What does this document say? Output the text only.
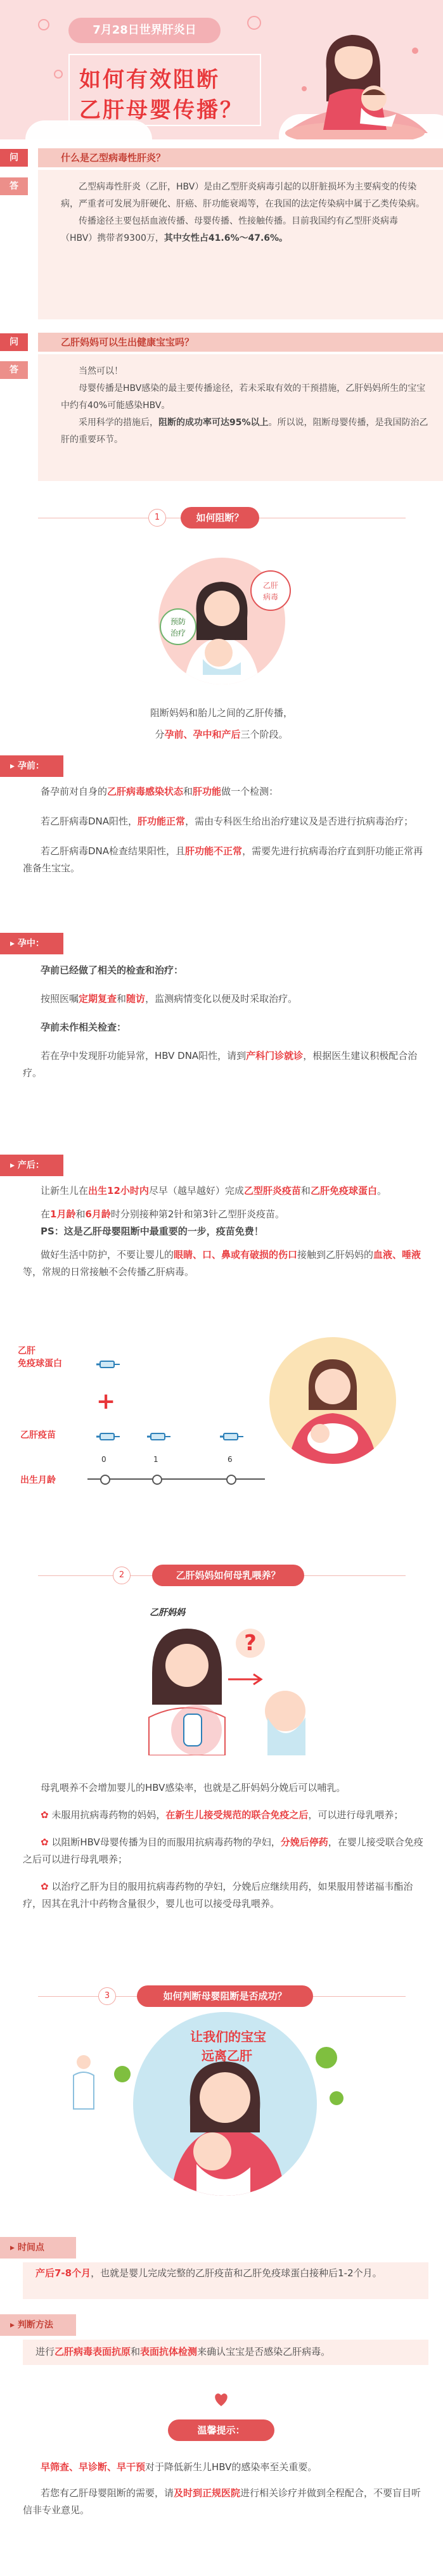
7月28日世界肝炎日
如何有效阻断
乙肝母婴传播？
问	什么是乙型病毒性肝炎？
答	乙型病毒性肝炎（乙肝，HBV）是由乙型肝炎病毒引起的以肝脏损坏为主要病变的传染病，严重者可发展为肝硬化、肝癌、肝功能衰竭等，在我国的法定传染病中属于乙类传染病。

传播途径主要包括血液传播、母婴传播、性接触传播。目前我国约有乙型肝炎病毒（HBV）携带者9300万，其中女性占41.6%～47.6%。

问	乙肝妈妈可以生出健康宝宝吗？
答	当然可以！

母婴传播是HBV感染的最主要传播途径，若未采取有效的干预措施，乙肝妈妈所生的宝宝中约有40%可能感染HBV。

采用科学的措施后，阻断的成功率可达95%以上。所以说，阻断母婴传播，是我国防治乙肝的重要环节。

1	如何阻断？
乙肝
病毒
预防
治疗
阻断妈妈和胎儿之间的乙肝传播，
分孕前、孕中和产后三个阶段。
▸ 孕前：
备孕前对自身的乙肝病毒感染状态和肝功能做一个检测：
若乙肝病毒DNA阳性，肝功能正常，需由专科医生给出治疗建议及是否进行抗病毒治疗；
若乙肝病毒DNA检查结果阳性，且肝功能不正常，需要先进行抗病毒治疗直到肝功能正常再准备生宝宝。
▸ 孕中：
孕前已经做了相关的检查和治疗：
按照医嘱定期复查和随访，监测病情变化以便及时采取治疗。
孕前未作相关检查：
若在孕中发现肝功能异常，HBV DNA阳性，请到产科门诊就诊，根据医生建议积极配合治疗。
▸ 产后：
让新生儿在出生12小时内尽早（越早越好）完成乙型肝炎疫苗和乙肝免疫球蛋白。
在1月龄和6月龄时分别接种第2针和第3针乙型肝炎疫苗。
PS：这是乙肝母婴阻断中最重要的一步，疫苗免费！
做好生活中防护，不要让婴儿的眼睛、口、鼻或有破损的伤口接触到乙肝妈妈的血液、唾液等，常规的日常接触不会传播乙肝病毒。
乙肝
免疫球蛋白
乙肝疫苗
出生月龄
+
0	1	6
2	乙肝妈妈如何母乳喂养？
乙肝妈妈
?
母乳喂养不会增加婴儿的HBV感染率，也就是乙肝妈妈分娩后可以哺乳。
✿ 未服用抗病毒药物的妈妈，在新生儿接受规范的联合免疫之后，可以进行母乳喂养；
✿ 以阻断HBV母婴传播为目的而服用抗病毒药物的孕妇，分娩后停药，在婴儿接受联合免疫之后可以进行母乳喂养；
✿ 以治疗乙肝为目的服用抗病毒药物的孕妇，分娩后应继续用药，如果服用替诺福韦酯治疗，因其在乳汁中药物含量很少，婴儿也可以接受母乳喂养。
3	如何判断母婴阻断是否成功？
让我们的宝宝
远离乙肝
▸ 时间点
产后7-8个月，也就是婴儿完成完整的乙肝疫苗和乙肝免疫球蛋白接种后1-2个月。
▸ 判断方法
进行乙肝病毒表面抗原和表面抗体检测来确认宝宝是否感染乙肝病毒。
温馨提示：
早筛查、早诊断、早干预对于降低新生儿HBV的感染率至关重要。
若您有乙肝母婴阻断的需要，请及时到正规医院进行相关诊疗并做到全程配合，不要盲目听信非专业意见。
